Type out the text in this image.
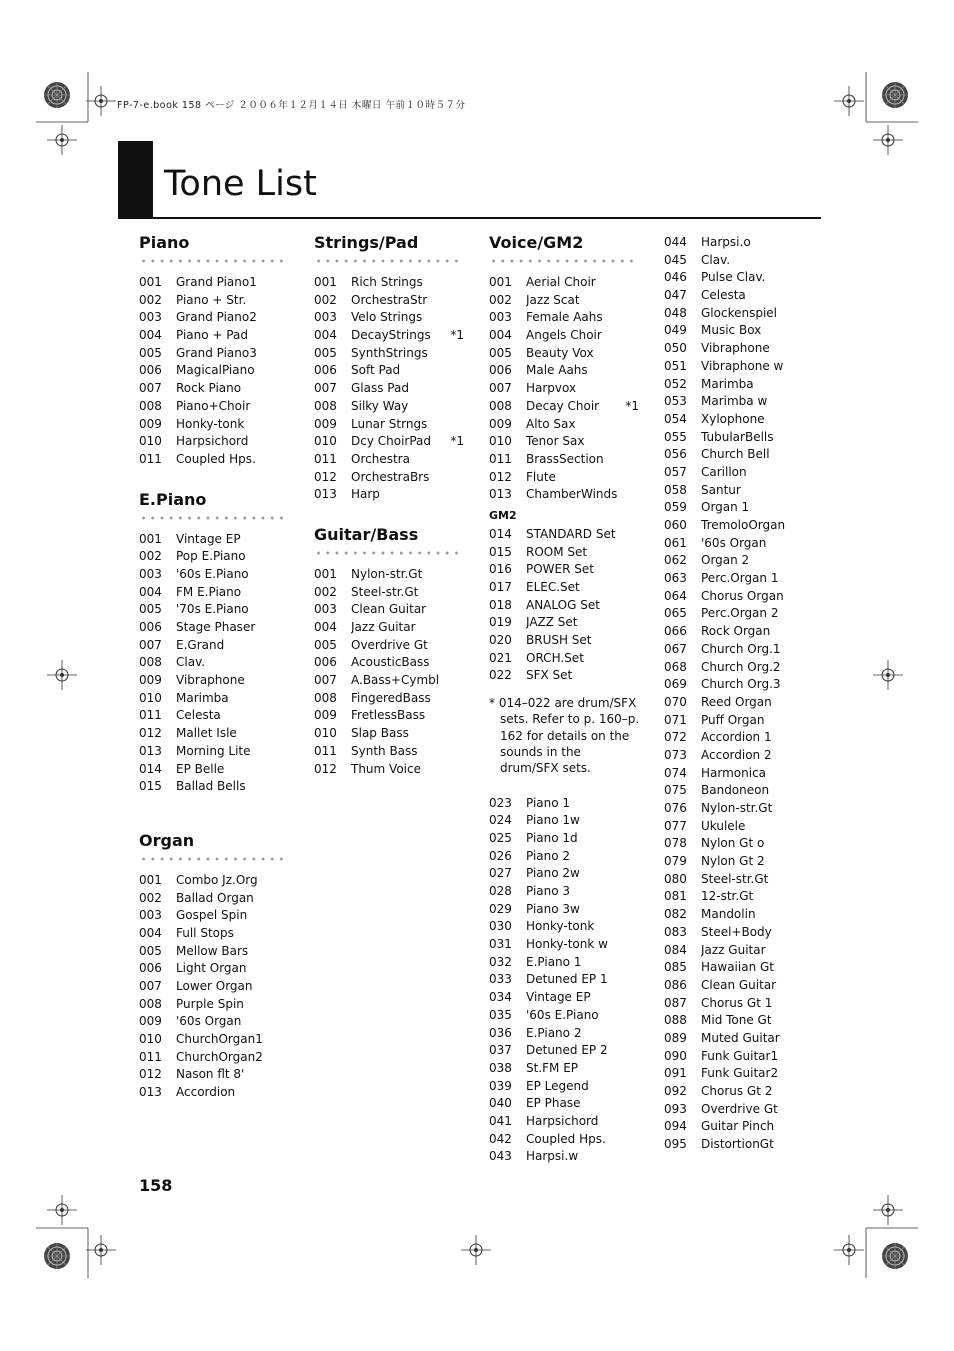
FP-7-e.book 158 ページ ２００６年１２月１４日 木曜日 午前１０時５７分
Tone List
Piano
001	Grand Piano1
002	Piano + Str.
003	Grand Piano2
004	Piano + Pad
005	Grand Piano3
006	MagicalPiano
007	Rock Piano
008	Piano+Choir
009	Honky-tonk
010	Harpsichord
011	Coupled Hps.
E.Piano
001	Vintage EP
002	Pop E.Piano
003	'60s E.Piano
004	FM E.Piano
005	'70s E.Piano
006	Stage Phaser
007	E.Grand
008	Clav.
009	Vibraphone
010	Marimba
011	Celesta
012	Mallet Isle
013	Morning Lite
014	EP Belle
015	Ballad Bells
Organ
001	Combo Jz.Org
002	Ballad Organ
003	Gospel Spin
004	Full Stops
005	Mellow Bars
006	Light Organ
007	Lower Organ
008	Purple Spin
009	'60s Organ
010	ChurchOrgan1
011	ChurchOrgan2
012	Nason flt 8'
013	Accordion
Strings/Pad
001	Rich Strings
002	OrchestraStr
003	Velo Strings
004	DecayStrings	*1
005	SynthStrings
006	Soft Pad
007	Glass Pad
008	Silky Way
009	Lunar Strngs
010	Dcy ChoirPad	*1
011	Orchestra
012	OrchestraBrs
013	Harp
Guitar/Bass
001	Nylon-str.Gt
002	Steel-str.Gt
003	Clean Guitar
004	Jazz Guitar
005	Overdrive Gt
006	AcousticBass
007	A.Bass+Cymbl
008	FingeredBass
009	FretlessBass
010	Slap Bass
011	Synth Bass
012	Thum Voice
Voice/GM2
001	Aerial Choir
002	Jazz Scat
003	Female Aahs
004	Angels Choir
005	Beauty Vox
006	Male Aahs
007	Harpvox
008	Decay Choir	*1
009	Alto Sax
010	Tenor Sax
011	BrassSection
012	Flute
013	ChamberWinds
GM2
014	STANDARD Set
015	ROOM Set
016	POWER Set
017	ELEC.Set
018	ANALOG Set
019	JAZZ Set
020	BRUSH Set
021	ORCH.Set
022	SFX Set
* 014–022 are drum/SFX sets. Refer to p. 160–p. 162 for details on the sounds in the drum/SFX sets.
023	Piano 1
024	Piano 1w
025	Piano 1d
026	Piano 2
027	Piano 2w
028	Piano 3
029	Piano 3w
030	Honky-tonk
031	Honky-tonk w
032	E.Piano 1
033	Detuned EP 1
034	Vintage EP
035	'60s E.Piano
036	E.Piano 2
037	Detuned EP 2
038	St.FM EP
039	EP Legend
040	EP Phase
041	Harpsichord
042	Coupled Hps.
043	Harpsi.w
044	Harpsi.o
045	Clav.
046	Pulse Clav.
047	Celesta
048	Glockenspiel
049	Music Box
050	Vibraphone
051	Vibraphone w
052	Marimba
053	Marimba w
054	Xylophone
055	TubularBells
056	Church Bell
057	Carillon
058	Santur
059	Organ 1
060	TremoloOrgan
061	'60s Organ
062	Organ 2
063	Perc.Organ 1
064	Chorus Organ
065	Perc.Organ 2
066	Rock Organ
067	Church Org.1
068	Church Org.2
069	Church Org.3
070	Reed Organ
071	Puff Organ
072	Accordion 1
073	Accordion 2
074	Harmonica
075	Bandoneon
076	Nylon-str.Gt
077	Ukulele
078	Nylon Gt o
079	Nylon Gt 2
080	Steel-str.Gt
081	12-str.Gt
082	Mandolin
083	Steel+Body
084	Jazz Guitar
085	Hawaiian Gt
086	Clean Guitar
087	Chorus Gt 1
088	Mid Tone Gt
089	Muted Guitar
090	Funk Guitar1
091	Funk Guitar2
092	Chorus Gt 2
093	Overdrive Gt
094	Guitar Pinch
095	DistortionGt
158
